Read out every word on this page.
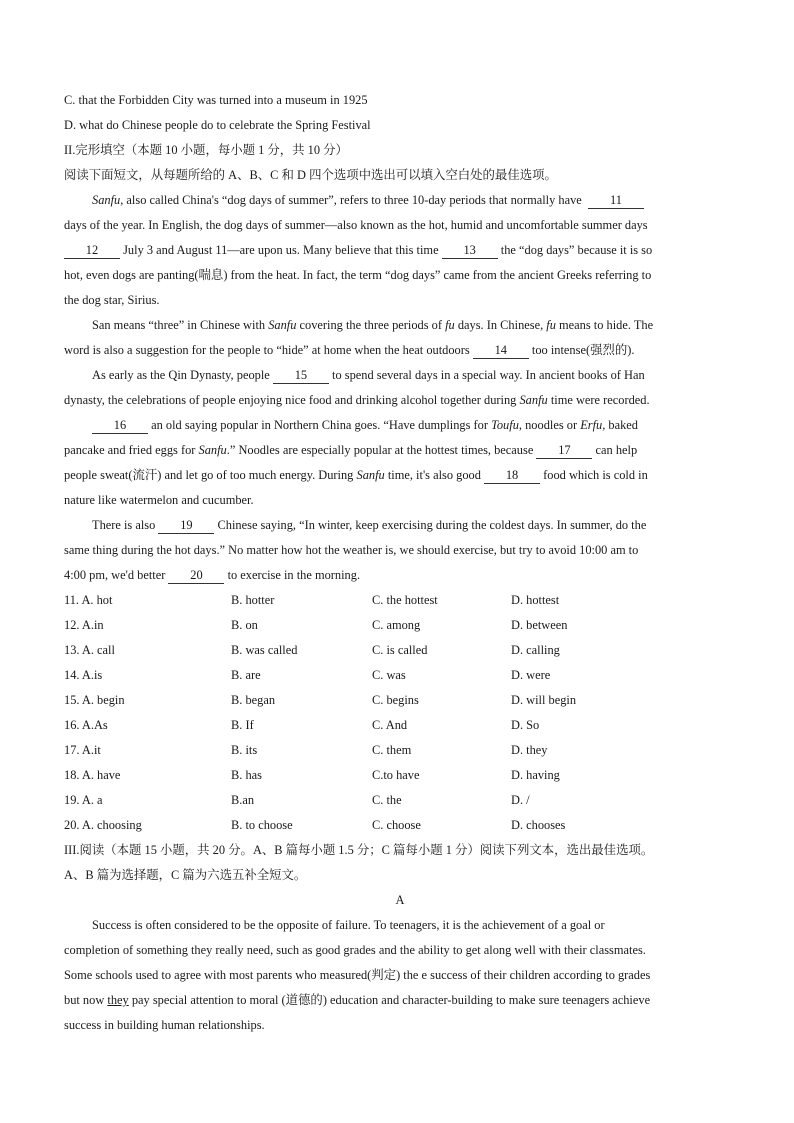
C. that the Forbidden City was turned into a museum in 1925
D. what do Chinese people do to celebrate the Spring Festival
II.完形填空（本题 10 小题，每小题 1 分，共 10 分）
阅读下面短文，从每题所给的 A、B、C 和 D 四个选项中选出可以填入空白处的最佳选项。
Sanfu, also called China's “dog days of summer”, refers to three 10-day periods that normally have 11
days of the year. In English, the dog days of summer—also known as the hot, humid and uncomfortable summer days
12 July 3 and August 11—are upon us. Many believe that this time 13 the “dog days” because it is so
hot, even dogs are panting(喘息) from the heat. In fact, the term “dog days” came from the ancient Greeks referring to
the dog star, Sirius.
San means “three” in Chinese with Sanfu covering the three periods of fu days. In Chinese, fu means to hide. The
word is also a suggestion for the people to “hide” at home when the heat outdoors 14 too intense(强烈的).
As early as the Qin Dynasty, people 15 to spend several days in a special way. In ancient books of Han
dynasty, the celebrations of people enjoying nice food and drinking alcohol together during Sanfu time were recorded.
16 an old saying popular in Northern China goes. “Have dumplings for Toufu, noodles or Erfu, baked
pancake and fried eggs for Sanfu.” Noodles are especially popular at the hottest times, because 17 can help
people sweat(流汗) and let go of too much energy. During Sanfu time, it's also good 18 food which is cold in
nature like watermelon and cucumber.
There is also 19 Chinese saying, “In winter, keep exercising during the coldest days. In summer, do the
same thing during the hot days.” No matter how hot the weather is, we should exercise, but try to avoid 10:00 am to
4:00 pm, we'd better 20 to exercise in the morning.
11. A. hot	B. hotter	C. the hottest	D. hottest
12. A.in	B. on	C. among	D. between
13. A. call	B. was called	C. is called	D. calling
14. A.is	B. are	C. was	D. were
15. A. begin	B. began	C. begins	D. will begin
16. A.As	B. If	C. And	D. So
17. A.it	B. its	C. them	D. they
18. A. have	B. has	C.to have	D. having
19. A. a	B.an	C. the	D. /
20. A. choosing	B. to choose	C. choose	D. chooses
III.阅读（本题 15 小题，共 20 分。A、B 篇每小题 1.5 分；C 篇每小题 1 分）阅读下列文本，选出最佳选项。
A、B 篇为选择题，C 篇为六选五补全短文。
A
Success is often considered to be the opposite of failure. To teenagers, it is the achievement of a goal or
completion of something they really need, such as good grades and the ability to get along well with their classmates.
Some schools used to agree with most parents who measured(判定) the e success of their children according to grades
but now they pay special attention to moral (道德的) education and character-building to make sure teenagers achieve
success in building human relationships.
